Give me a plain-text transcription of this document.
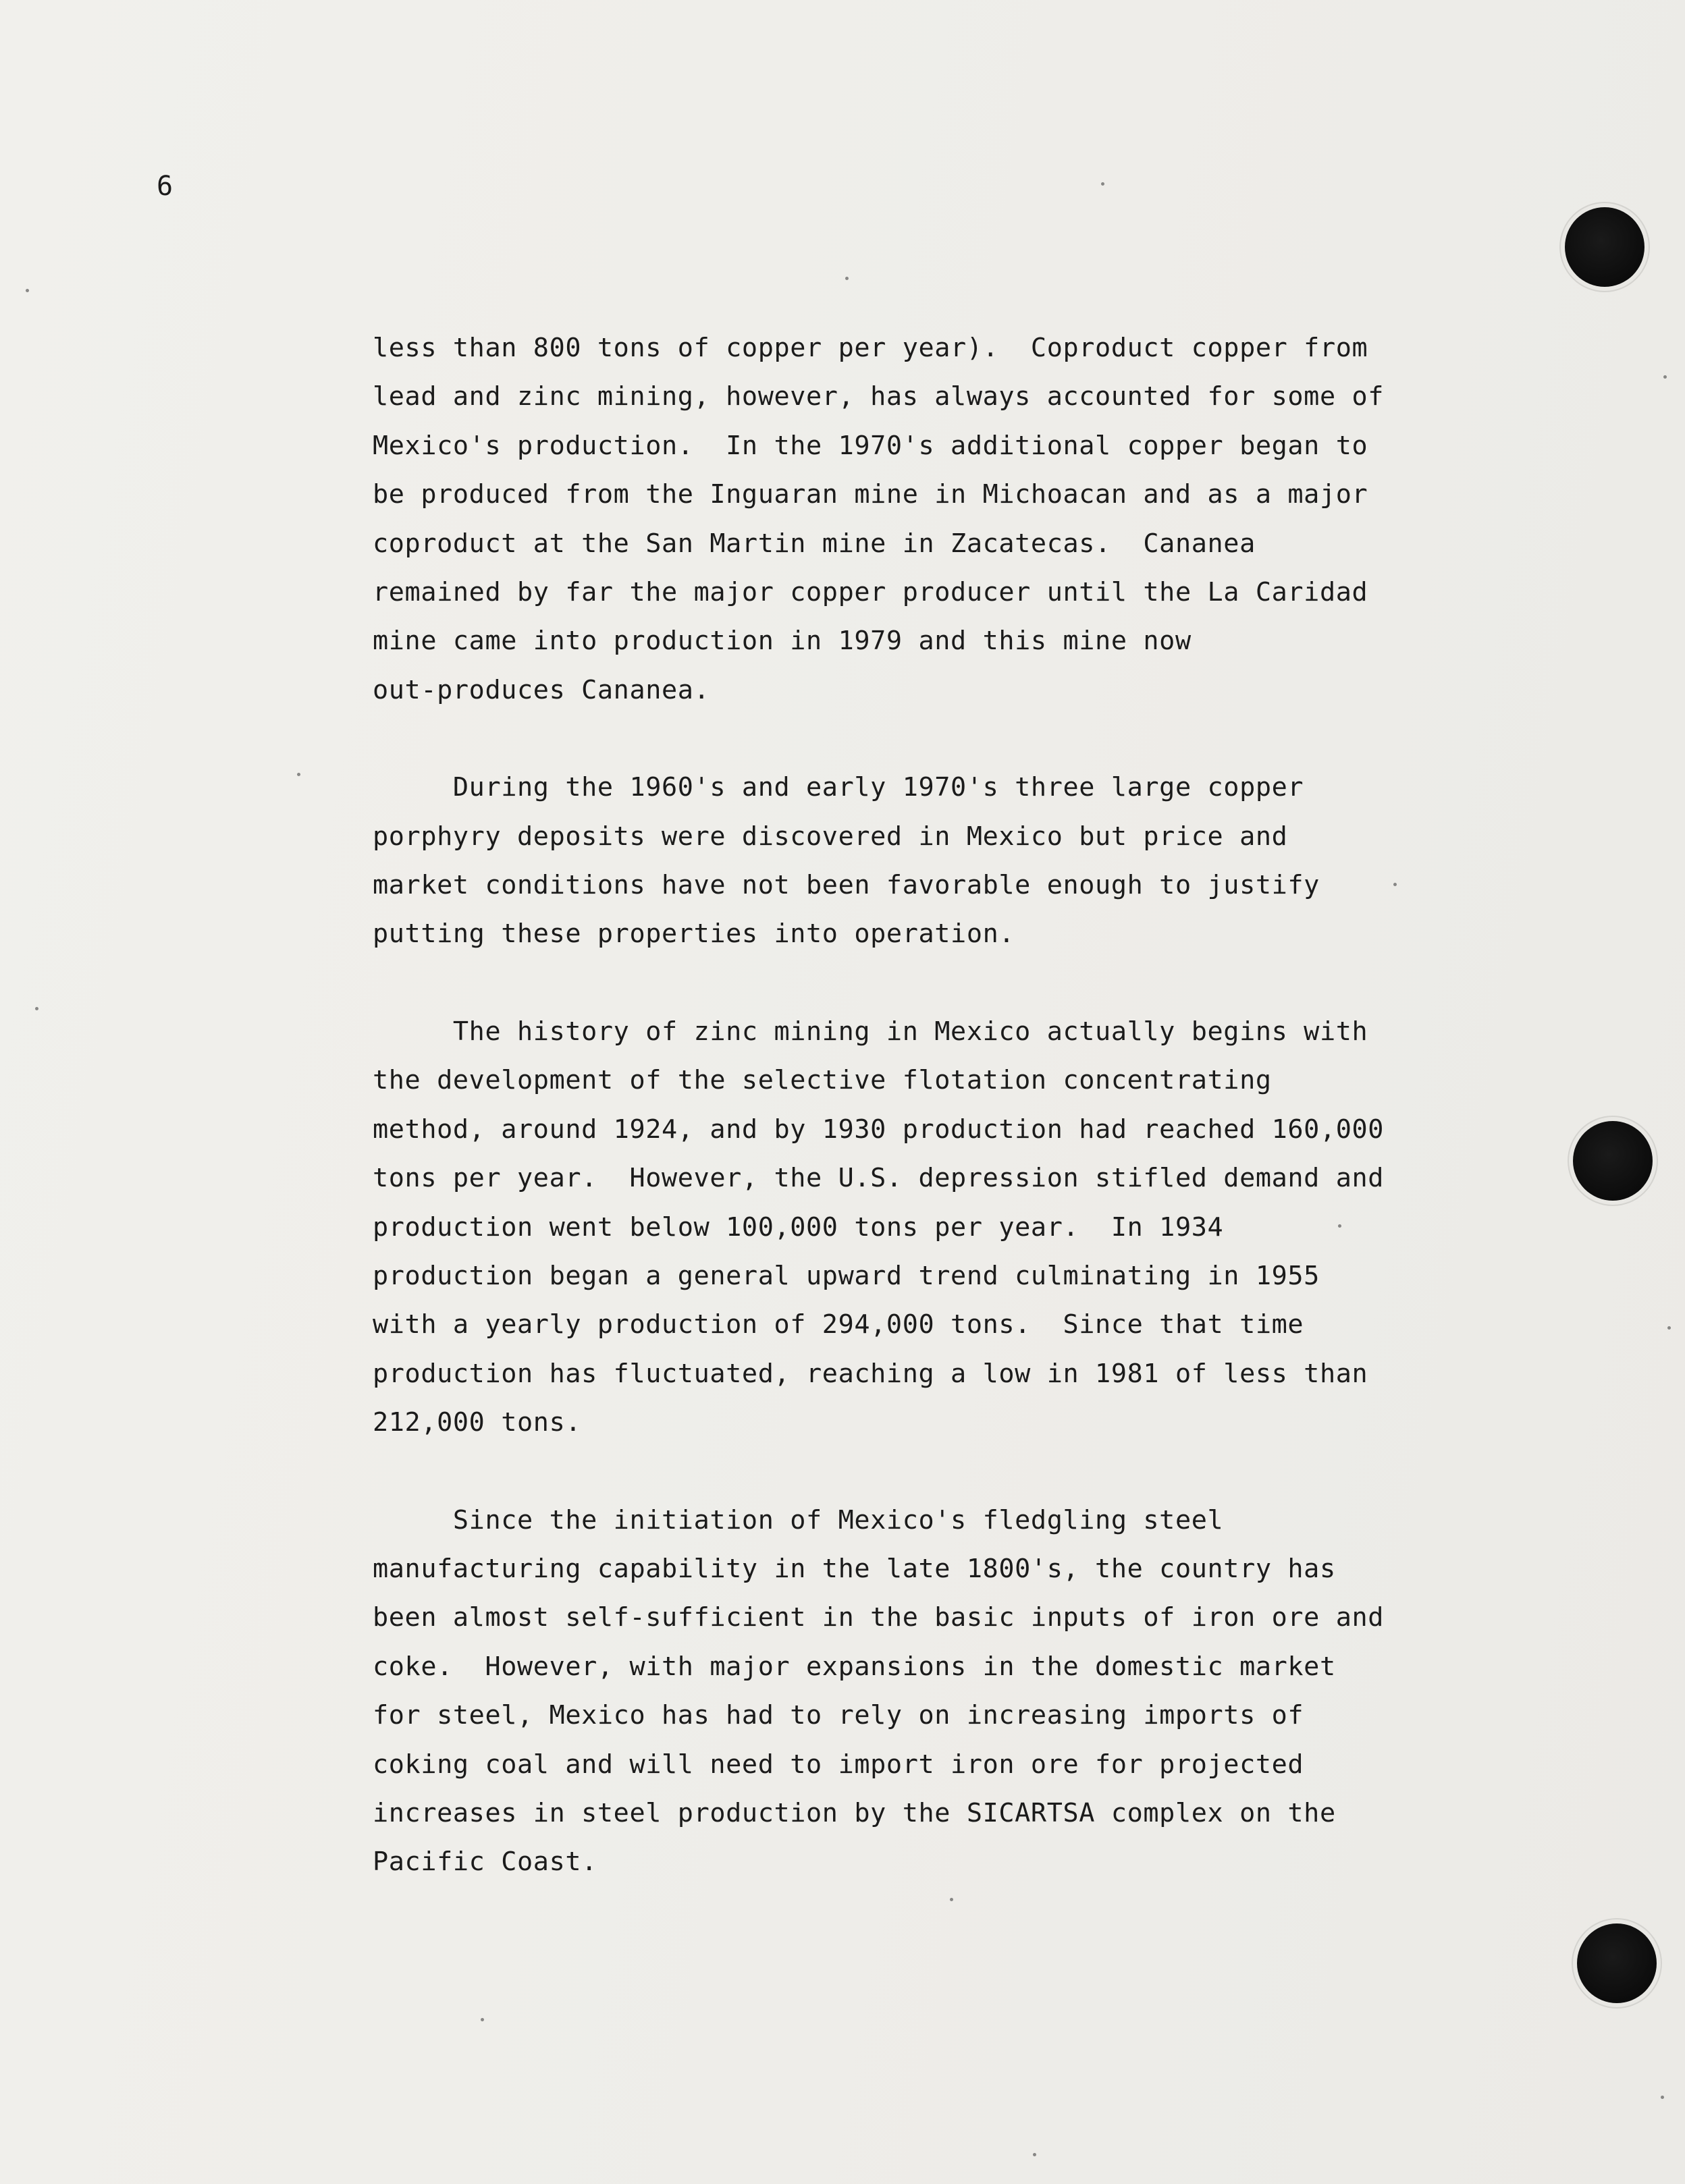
6

less than 800 tons of copper per year).  Coproduct copper from

lead and zinc mining, however, has always accounted for some of

Mexico's production.  In the 1970's additional copper began to

be produced from the Inguaran mine in Michoacan and as a major

coproduct at the San Martin mine in Zacatecas.  Cananea

remained by far the major copper producer until the La Caridad

mine came into production in 1979 and this mine now

out-produces Cananea.

During the 1960's and early 1970's three large copper

porphyry deposits were discovered in Mexico but price and

market conditions have not been favorable enough to justify

putting these properties into operation.

The history of zinc mining in Mexico actually begins with

the development of the selective flotation concentrating

method, around 1924, and by 1930 production had reached 160,000

tons per year.  However, the U.S. depression stifled demand and

production went below 100,000 tons per year.  In 1934

production began a general upward trend culminating in 1955

with a yearly production of 294,000 tons.  Since that time

production has fluctuated, reaching a low in 1981 of less than

212,000 tons.

Since the initiation of Mexico's fledgling steel

manufacturing capability in the late 1800's, the country has

been almost self-sufficient in the basic inputs of iron ore and

coke.  However, with major expansions in the domestic market

for steel, Mexico has had to rely on increasing imports of

coking coal and will need to import iron ore for projected

increases in steel production by the SICARTSA complex on the

Pacific Coast.
